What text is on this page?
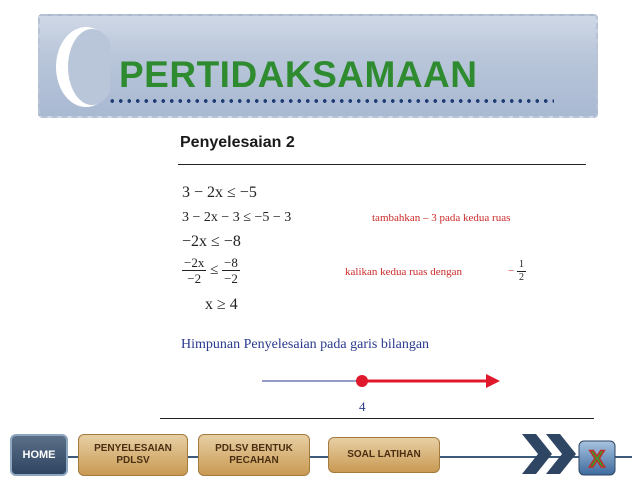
PERTIDAKSAMAAN
Penyelesaian 2
3 − 2x ≤ −5
3 − 2x − 3 ≤ −5 − 3	tambahkan – 3 pada kedua ruas
−2x ≤ −8
$\frac{-2x}{-2} \le \frac{-8}{-2}$	kalikan kedua ruas dengan	− $\frac{1}{2}$
x ≥ 4
Himpunan Penyelesaian pada garis bilangan
4
HOME
PENYELESAIAN PDLSV
PDLSV BENTUK PECAHAN
SOAL LATIHAN	X
